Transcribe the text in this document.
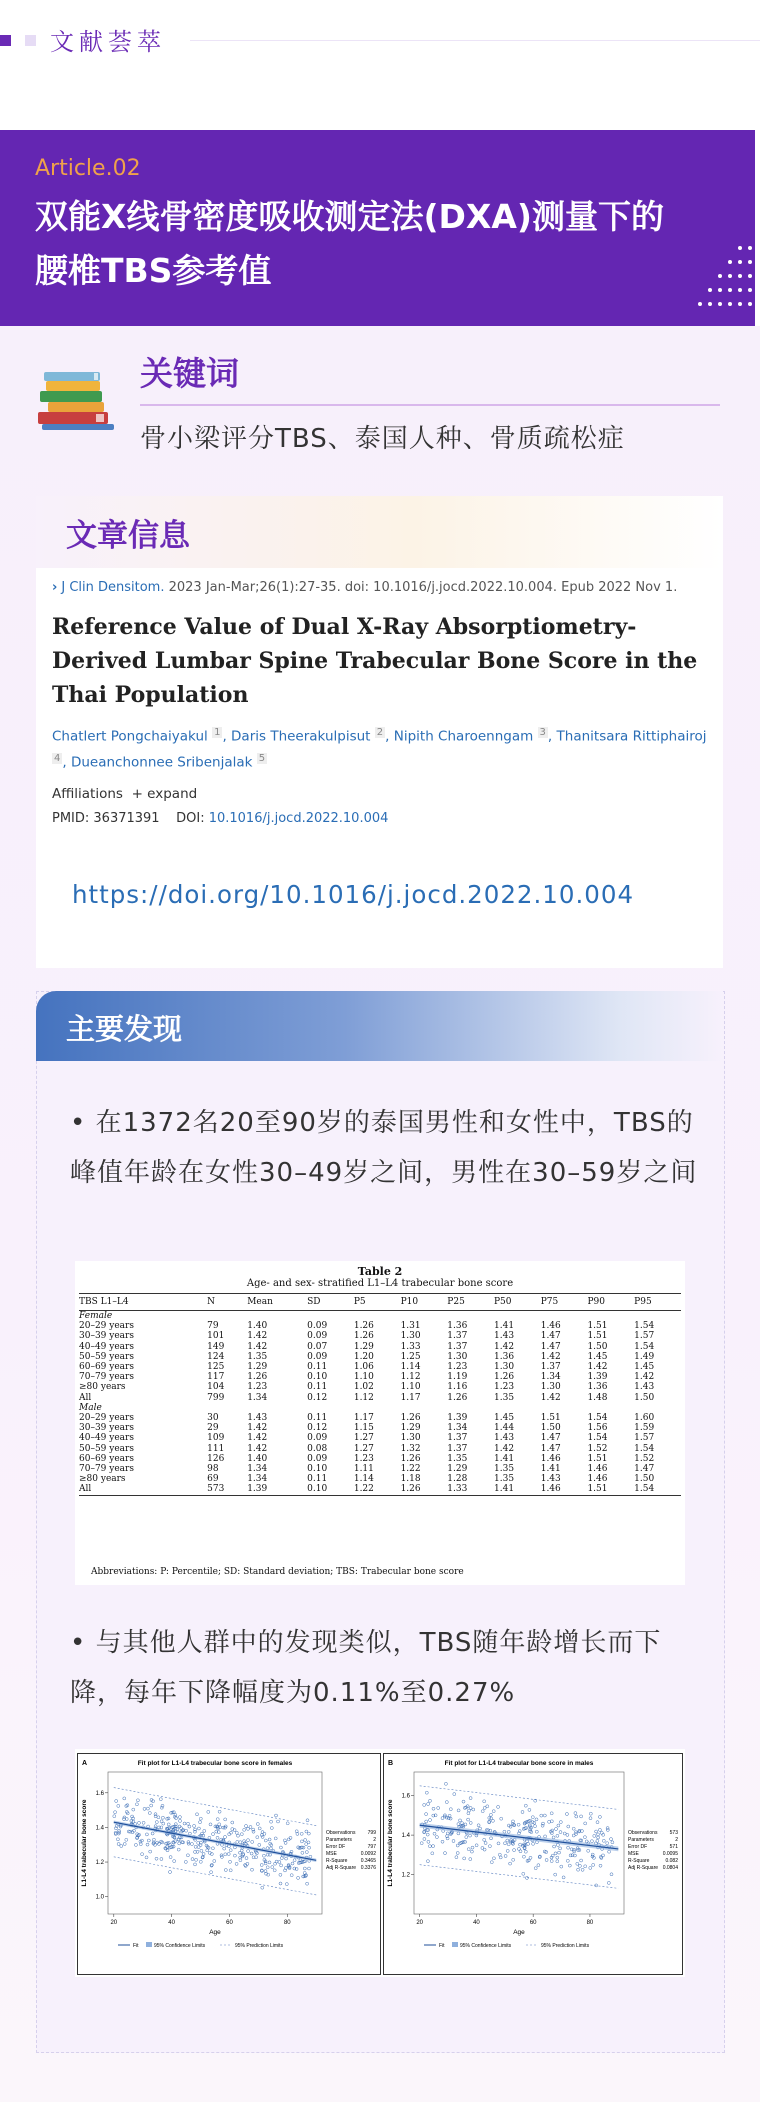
文献荟萃
Article.02
双能X线骨密度吸收测定法(DXA)测量下的腰椎TBS参考值
关键词
骨小梁评分TBS、泰国人种、骨质疏松症
文章信息
› J Clin Densitom. 2023 Jan-Mar;26(1):27-35. doi: 10.1016/j.jocd.2022.10.004. Epub 2022 Nov 1.
Reference Value of Dual X-Ray Absorptiometry-Derived Lumbar Spine Trabecular Bone Score in the Thai Population
Chatlert Pongchaiyakul $^1$ , Daris Theerakulpisut $^2$ , Nipith Charoenngam $^3$ , Thanitsara Rittiphairoj $^4$ , Dueanchonnee Sribenjalak $^5$
Affiliations + expand
PMID: 36371391 DOI: 10.1016/j.jocd.2022.10.004
https://doi.org/10.1016/j.jocd.2022.10.004
主要发现
• 在1372名20至90岁的泰国男性和女性中，TBS的峰值年龄在女性30–49岁之间，男性在30–59岁之间
Table 2
Age- and sex- stratified L1–L4 trabecular bone score
TBS L1–L4	N	Mean	SD	P5	P10	P25	P50	P75	P90	P95
Female										
20–29 years	79	1.40	0.09	1.26	1.31	1.36	1.41	1.46	1.51	1.54
30–39 years	101	1.42	0.09	1.26	1.30	1.37	1.43	1.47	1.51	1.57
40–49 years	149	1.42	0.07	1.29	1.33	1.37	1.42	1.47	1.50	1.54
50–59 years	124	1.35	0.09	1.20	1.25	1.30	1.36	1.42	1.45	1.49
60–69 years	125	1.29	0.11	1.06	1.14	1.23	1.30	1.37	1.42	1.45
70–79 years	117	1.26	0.10	1.10	1.12	1.19	1.26	1.34	1.39	1.42
≥80 years	104	1.23	0.11	1.02	1.10	1.16	1.23	1.30	1.36	1.43
All	799	1.34	0.12	1.12	1.17	1.26	1.35	1.42	1.48	1.50
Male										
20–29 years	30	1.43	0.11	1.17	1.26	1.39	1.45	1.51	1.54	1.60
30–39 years	29	1.42	0.12	1.15	1.29	1.34	1.44	1.50	1.56	1.59
40–49 years	109	1.42	0.09	1.27	1.30	1.37	1.43	1.47	1.54	1.57
50–59 years	111	1.42	0.08	1.27	1.32	1.37	1.42	1.47	1.52	1.54
60–69 years	126	1.40	0.09	1.23	1.26	1.35	1.41	1.46	1.51	1.52
70–79 years	98	1.34	0.10	1.11	1.22	1.29	1.35	1.41	1.46	1.47
≥80 years	69	1.34	0.11	1.14	1.18	1.28	1.35	1.43	1.46	1.50
All	573	1.39	0.10	1.22	1.26	1.33	1.41	1.46	1.51	1.54
Abbreviations: P: Percentile; SD: Standard deviation; TBS: Trabecular bone score
• 与其他人群中的发现类似，TBS随年龄增长而下降，每年下降幅度为0.11%至0.27%
Fit plot for L1-L4 trabecular bone score in females
A
20	40	60	80
1.0
1.2
1.4
1.6
Age
L1-L4 trabecular bone score	Observations 799
Parameters	2
Error DF	797
MSE	0.0092
R-Square	0.3465
Adj R-Square 0.3376
Fit	95% Confidence Limits	95% Prediction Limits
Fit plot for L1-L4 trabecular bone score in males
B
20	40	60	80
1.2
1.4
1.6
Age
L1-L4 trabecular bone score	Observations 573
Parameters	2
Error DF	571
MSE	0.0095
R-Square	0.082
Adj R-Square 0.0804
Fit	95% Confidence Limits	95% Prediction Limits
